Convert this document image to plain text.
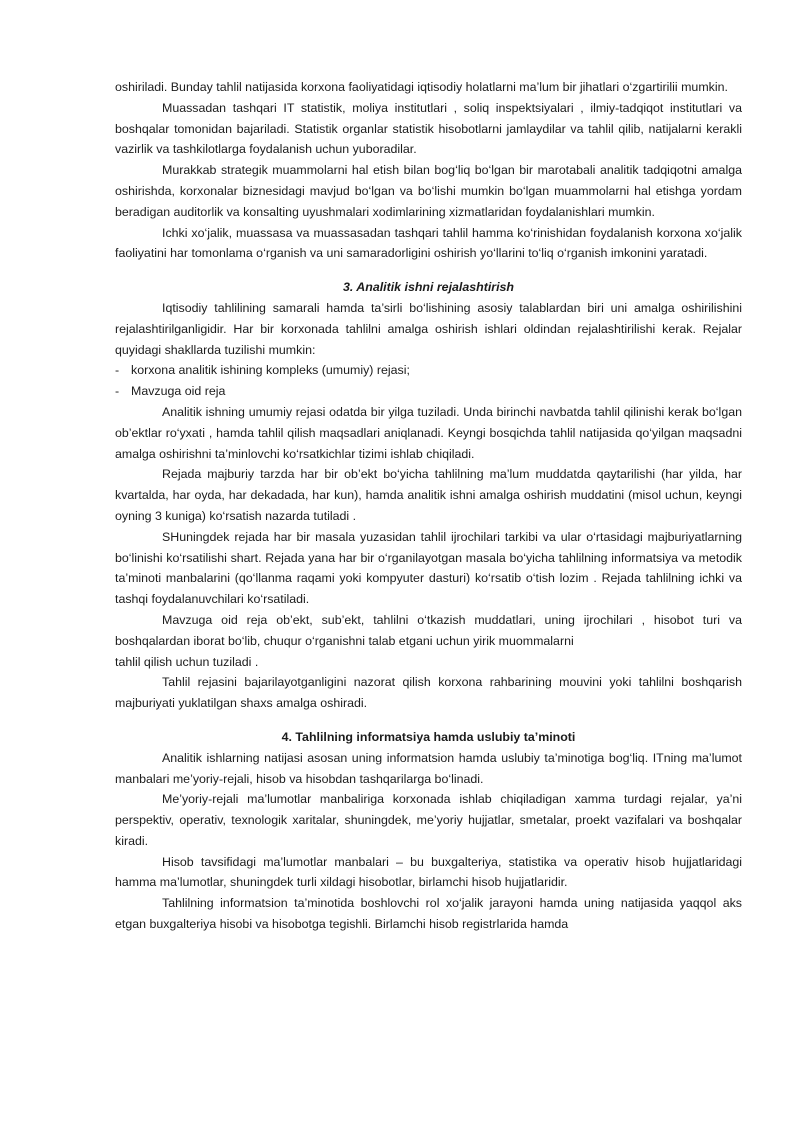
oshiriladi. Bunday tahlil natijasida korxona faoliyatidagi iqtisodiy holatlarni ma’lum bir jihatlari o‘zgartirilii mumkin.

Muassadan tashqari IT statistik, moliya institutlari , soliq inspektsiyalari , ilmiy-tadqiqot institutlari va boshqalar tomonidan bajariladi. Statistik organlar statistik hisobotlarni jamlaydilar va tahlil qilib, natijalarni kerakli vazirlik va tashkilotlarga foydalanish uchun yuboradilar.

Murakkab strategik muammolarni hal etish bilan bog‘liq bo‘lgan bir marotabali analitik tadqiqotni amalga oshirishda, korxonalar biznesidagi mavjud bo‘lgan va bo‘lishi mumkin bo‘lgan muammolarni hal etishga yordam beradigan auditorlik va konsalting uyushmalari xodimlarining xizmatlaridan foydalanishlari mumkin.

Ichki xo‘jalik, muassasa va muassasadan tashqari tahlil hamma ko‘rinishidan foydalanish korxona xo‘jalik faoliyatini har tomonlama o‘rganish va uni samaradorligini oshirish yo‘llarini to‘liq o‘rganish imkonini yaratadi.

3. Analitik ishni rejalashtirish

Iqtisodiy tahlilining samarali hamda ta’sirli bo‘lishining asosiy talablardan biri uni amalga oshirilishini rejalashtirilganligidir. Har bir korxonada tahlilni amalga oshirish ishlari oldindan rejalashtirilishi kerak. Rejalar quyidagi shakllarda tuzilishi mumkin:

- korxona analitik ishining kompleks (umumiy) rejasi;

- Mavzuga oid reja

Analitik ishning umumiy rejasi odatda bir yilga tuziladi. Unda birinchi navbatda tahlil qilinishi kerak bo‘lgan ob’ektlar ro‘yxati , hamda tahlil qilish maqsadlari aniqlanadi. Keyngi bosqichda tahlil natijasida qo‘yilgan maqsadni amalga oshirishni ta’minlovchi ko‘rsatkichlar tizimi ishlab chiqiladi.

Rejada majburiy tarzda har bir ob’ekt bo‘yicha tahlilning ma’lum muddatda qaytarilishi (har yilda, har kvartalda, har oyda, har dekadada, har kun), hamda analitik ishni amalga oshirish muddatini (misol uchun, keyngi oyning 3 kuniga) ko‘rsatish nazarda tutiladi .

SHuningdek rejada har bir masala yuzasidan tahlil ijrochilari tarkibi va ular o‘rtasidagi majburiyatlarning bo‘linishi ko‘rsatilishi shart. Rejada yana har bir o‘rganilayotgan masala bo‘yicha tahlilning informatsiya va metodik ta’minoti manbalarini (qo‘llanma raqami yoki kompyuter dasturi) ko‘rsatib o‘tish lozim . Rejada tahlilning ichki va tashqi foydalanuvchilari ko‘rsatiladi.

Mavzuga oid reja ob’ekt, sub’ekt, tahlilni o‘tkazish muddatlari, uning ijrochilari , hisobot turi va boshqalardan iborat bo‘lib, chuqur o‘rganishni talab etgani uchun yirik muommalarni

tahlil qilish uchun tuziladi .

Tahlil rejasini bajarilayotganligini nazorat qilish korxona rahbarining mouvini yoki tahlilni boshqarish majburiyati yuklatilgan shaxs amalga oshiradi.

4. Tahlilning informatsiya hamda uslubiy ta’minoti

Analitik ishlarning natijasi asosan uning informatsion hamda uslubiy ta’minotiga bog‘liq. ITning ma’lumot manbalari me’yoriy-rejali, hisob va hisobdan tashqarilarga bo‘linadi.

Me’yoriy-rejali ma’lumotlar manbaliriga korxonada ishlab chiqiladigan xamma turdagi rejalar, ya’ni perspektiv, operativ, texnologik xaritalar, shuningdek, me’yoriy hujjatlar, smetalar, proekt vazifalari va boshqalar kiradi.

Hisob tavsifidagi ma’lumotlar manbalari – bu buxgalteriya, statistika va operativ hisob hujjatlaridagi hamma ma’lumotlar, shuningdek turli xildagi hisobotlar, birlamchi hisob hujjatlaridir.

Tahlilning informatsion ta’minotida boshlovchi rol xo‘jalik jarayoni hamda uning natijasida yaqqol aks etgan buxgalteriya hisobi va hisobotga tegishli. Birlamchi hisob registrlarida hamda
